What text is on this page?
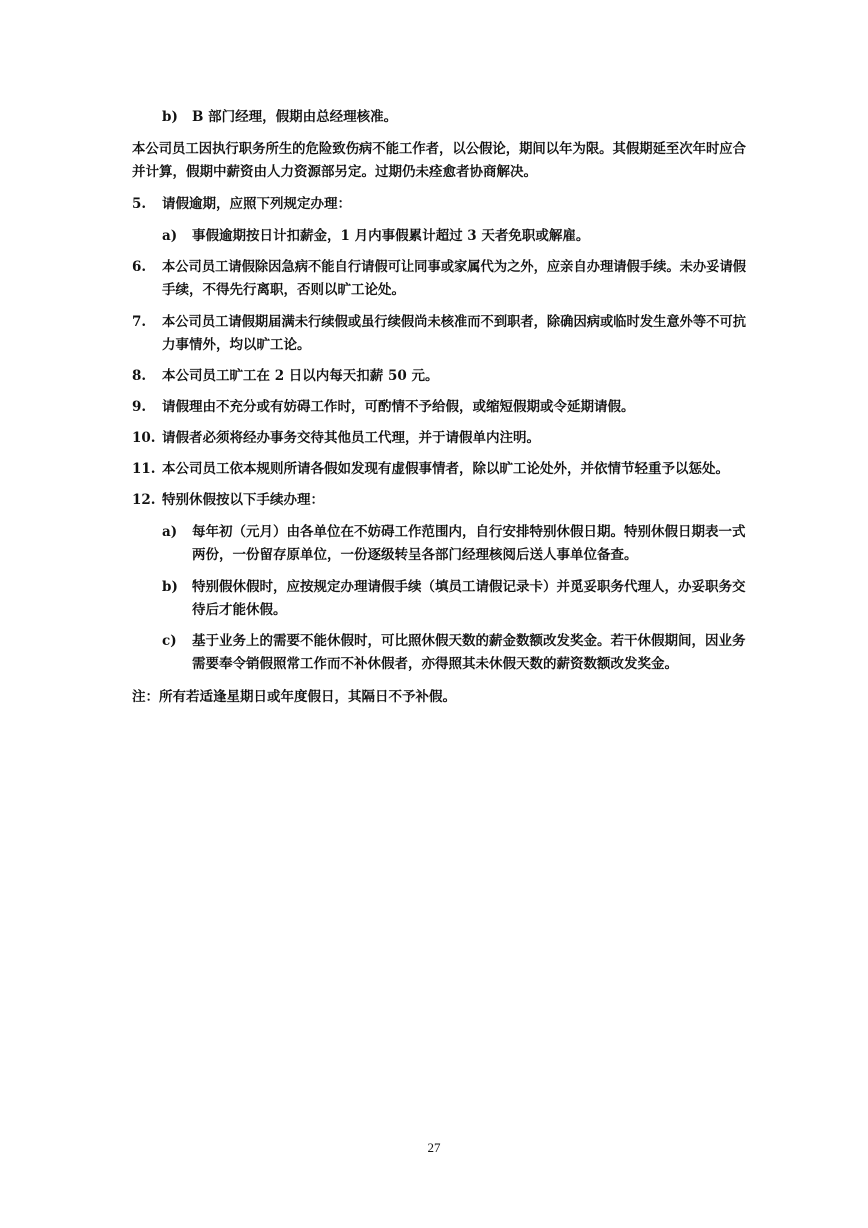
b) B 部门经理，假期由总经理核准。
本公司员工因执行职务所生的危险致伤病不能工作者，以公假论，期间以年为限。其假期延至次年时应合
并计算，假期中薪资由人力资源部另定。过期仍未痊愈者协商解决。
5. 请假逾期，应照下列规定办理：
a) 事假逾期按日计扣薪金，1 月内事假累计超过 3 天者免职或解雇。
6. 本公司员工请假除因急病不能自行请假可让同事或家属代为之外，应亲自办理请假手续。未办妥请假
手续，不得先行离职，否则以旷工论处。
7. 本公司员工请假期届满未行续假或虽行续假尚未核准而不到职者，除确因病或临时发生意外等不可抗
力事情外，均以旷工论。
8. 本公司员工旷工在 2 日以内每天扣薪 50 元。
9. 请假理由不充分或有妨碍工作时，可酌情不予给假，或缩短假期或令延期请假。
10. 请假者必须将经办事务交待其他员工代理，并于请假单内注明。
11. 本公司员工依本规则所请各假如发现有虚假事情者，除以旷工论处外，并依情节轻重予以惩处。
12. 特别休假按以下手续办理：
a) 每年初（元月）由各单位在不妨碍工作范围内，自行安排特别休假日期。特别休假日期表一式
两份，一份留存原单位，一份逐级转呈各部门经理核阅后送人事单位备查。
b) 特别假休假时，应按规定办理请假手续（填员工请假记录卡）并觅妥职务代理人，办妥职务交
待后才能休假。
c) 基于业务上的需要不能休假时，可比照休假天数的薪金数额改发奖金。若干休假期间，因业务
需要奉令销假照常工作而不补休假者，亦得照其未休假天数的薪资数额改发奖金。
注：所有若适逢星期日或年度假日，其隔日不予补假。
27
